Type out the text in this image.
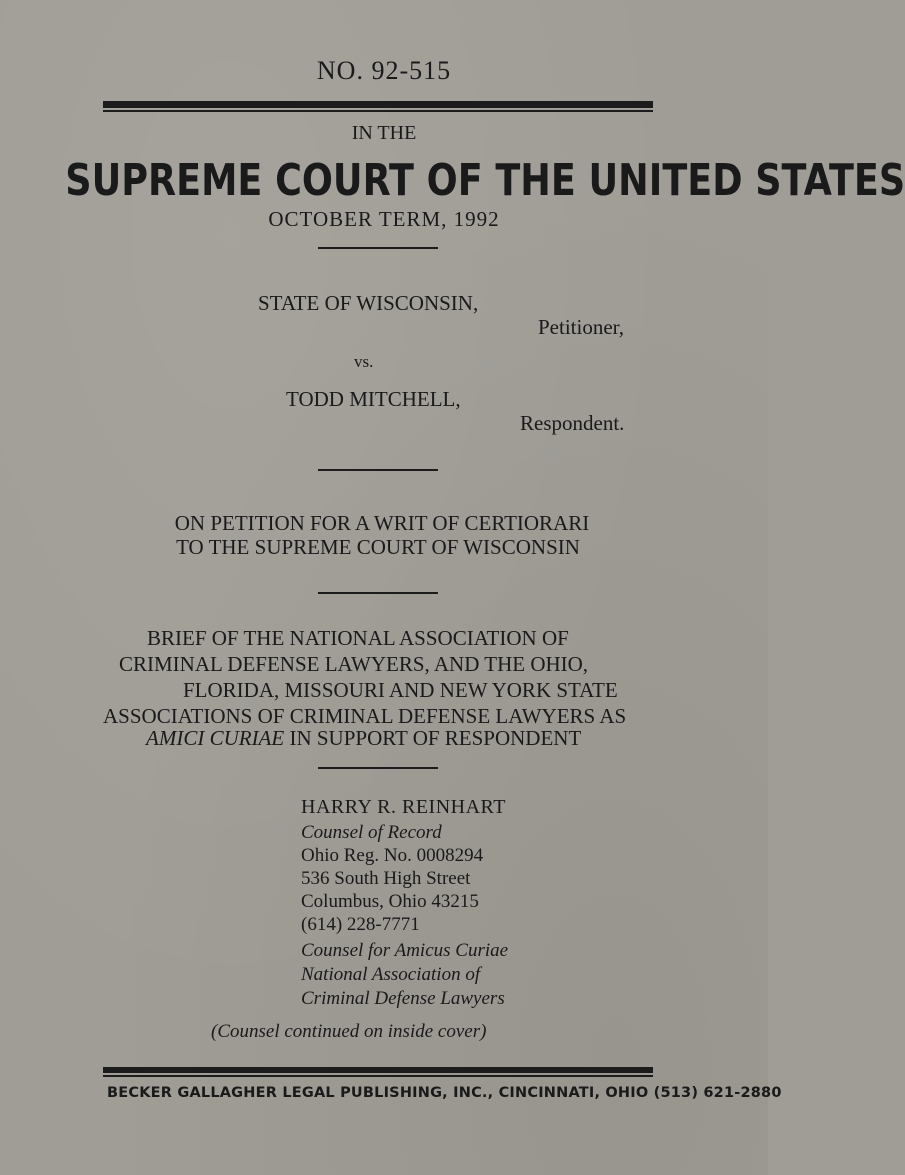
NO. 92-515
IN THE
SUPREME COURT OF THE UNITED STATES
OCTOBER TERM, 1992
STATE OF WISCONSIN,
Petitioner,
vs.
TODD MITCHELL,
Respondent.
ON PETITION FOR A WRIT OF CERTIORARI
TO THE SUPREME COURT OF WISCONSIN
BRIEF OF THE NATIONAL ASSOCIATION OF
CRIMINAL DEFENSE LAWYERS, AND THE OHIO,
FLORIDA, MISSOURI AND NEW YORK STATE
ASSOCIATIONS OF CRIMINAL DEFENSE LAWYERS AS
AMICI CURIAE IN SUPPORT OF RESPONDENT
HARRY R. REINHART
Counsel of Record
Ohio Reg. No. 0008294
536 South High Street
Columbus, Ohio 43215
(614) 228-7771
Counsel for Amicus Curiae
National Association of
Criminal Defense Lawyers
(Counsel continued on inside cover)
BECKER GALLAGHER LEGAL PUBLISHING, INC., CINCINNATI, OHIO (513) 621-2880
